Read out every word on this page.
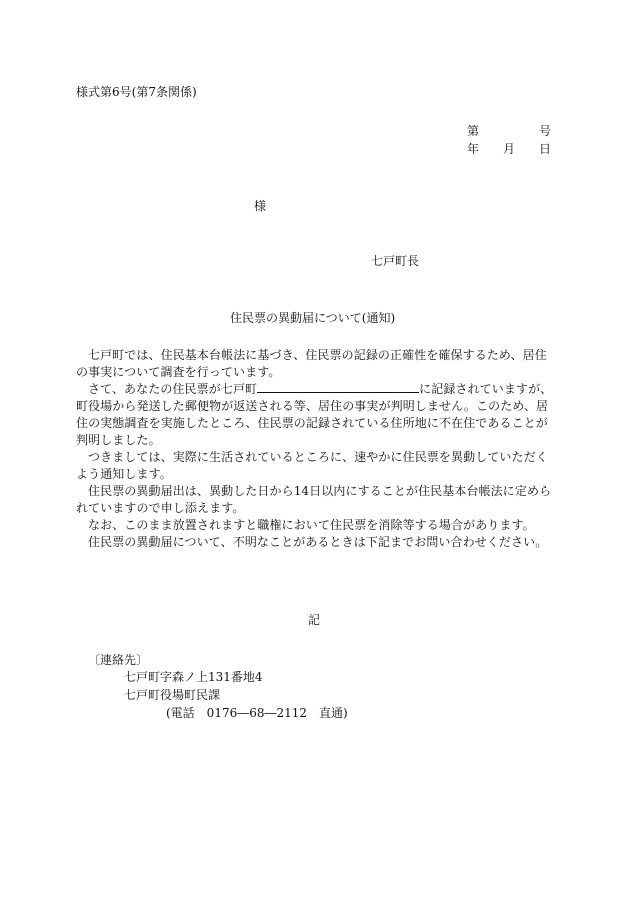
様式第6号(第7条関係)
第	号
年 月 日
様
七戸町長
住民票の異動届について(通知)

七戸町では、住民基本台帳法に基づき、住民票の記録の正確性を確保するため、居住の事実について調査を行っています。

さて、あなたの住民票が七戸町	に記録されていますが、町役場から発送した郵便物が返送される等、居住の事実が判明しません。このため、居住の実態調査を実施したところ、住民票の記録されている住所地に不在住であることが判明しました。

つきましては、実際に生活されているところに、速やかに住民票を異動していただくよう通知します。

住民票の異動届出は、異動した日から14日以内にすることが住民基本台帳法に定められていますので申し添えます。

なお、このまま放置されますと職権において住民票を消除等する場合があります。

住民票の異動届について、不明なことがあるときは下記までお問い合わせください。

記
〔連絡先〕
七戸町字森ノ上131番地4
七戸町役場町民課
(電話　0176―68―2112　直通)
